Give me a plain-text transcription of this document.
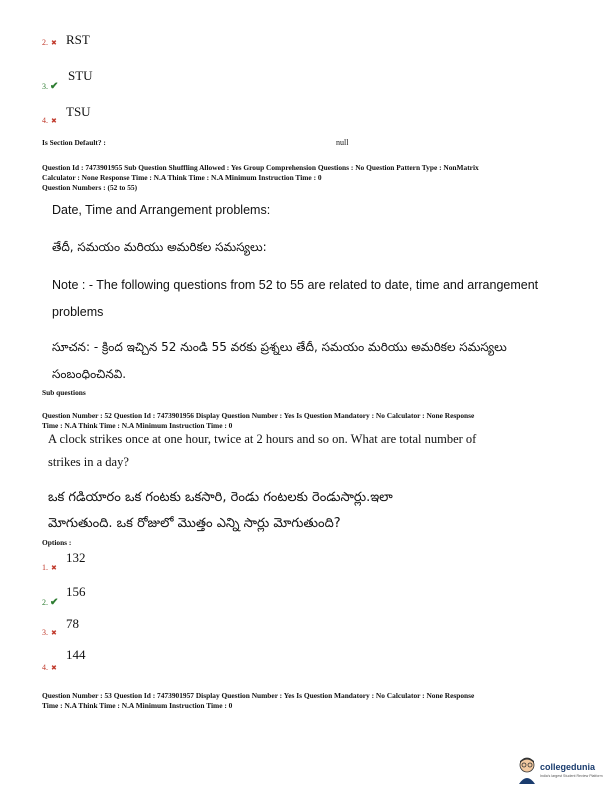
2. ✖ RST
3. ✔
STU
4. ✖
TSU
Is Section Default? :	null
Question Id : 7473901955 Sub Question Shuffling Allowed : Yes Group Comprehension Questions : No Question Pattern Type : NonMatrix
Calculator : None Response Time : N.A Think Time : N.A Minimum Instruction Time : 0
Question Numbers : (52 to 55)
Date, Time and Arrangement problems:
తేదీ, సమయం మరియు అమరికల సమస్యలు:
Note : - The following questions from 52 to 55 are related to date, time and arrangement
problems
సూచన: - క్రింద ఇచ్చిన 52 నుండి 55 వరకు ప్రశ్నలు తేదీ, సమయం మరియు అమరికల సమస్యలు
సంబంధించినవి.
Sub questions
Question Number : 52 Question Id : 7473901956 Display Question Number : Yes Is Question Mandatory : No Calculator : None Response
Time : N.A Think Time : N.A Minimum Instruction Time : 0
A clock strikes once at one hour, twice at 2 hours and so on. What are total number of
strikes in a day?
ఒక గడియారం ఒక గంటకు ఒకసారి, రెండు గంటలకు రెండుసార్లు.ఇలా
మోగుతుంది. ఒక రోజులో మొత్తం ఎన్ని సార్లు మోగుతుంది?
Options :
1. ✖
132
2. ✔
156
3. ✖
78
4. ✖
144
Question Number : 53 Question Id : 7473901957 Display Question Number : Yes Is Question Mandatory : No Calculator : None Response
Time : N.A Think Time : N.A Minimum Instruction Time : 0
collegedunia
India's largest Student Review Platform
